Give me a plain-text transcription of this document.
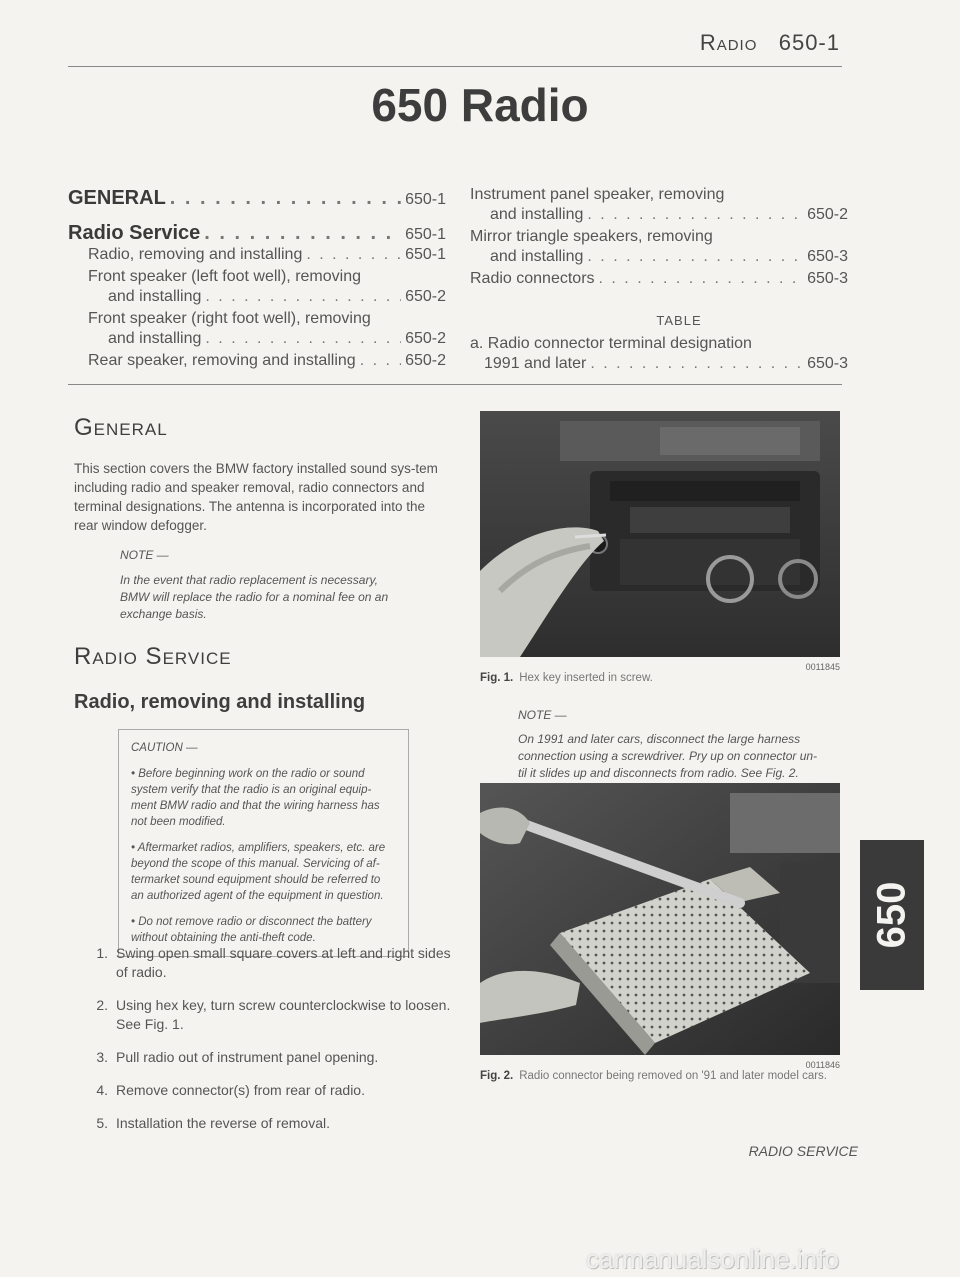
Radio 650-1
650 Radio
GENERAL . . .	650-1
Radio Service . . .	650-1
Radio, removing and installing . . .	650-1
Front speaker (left foot well), removing
and installing . . .	650-2
Front speaker (right foot well), removing
and installing . . .	650-2
Rear speaker, removing and installing . . .	650-2
Instrument panel speaker, removing
and installing . . .	650-2
Mirror triangle speakers, removing
and installing . . .	650-3
Radio connectors . . .	650-3
TABLE
a. Radio connector terminal designation
1991 and later . . .	650-3
General
This section covers the BMW factory installed sound sys-tem including radio and speaker removal, radio connectors and terminal designations. The antenna is incorporated into the rear window defogger.
NOTE —
In the event that radio replacement is necessary, BMW will replace the radio for a nominal fee on an exchange basis.
Radio Service
Radio, removing and installing

CAUTION —

• Before beginning work on the radio or sound system verify that the radio is an original equip-ment BMW radio and that the wiring harness has not been modified.

• Aftermarket radios, amplifiers, speakers, etc. are beyond the scope of this manual. Servicing of af-termarket sound equipment should be referred to an authorized agent of the equipment in question.

• Do not remove radio or disconnect the battery without obtaining the anti-theft code.

1. Swing open small square covers at left and right sides of radio.
2. Using hex key, turn screw counterclockwise to loosen. See Fig. 1.
3. Pull radio out of instrument panel opening.
4. Remove connector(s) from rear of radio.
5. Installation the reverse of removal.
0011845
Fig. 1. Hex key inserted in screw.
NOTE —
On 1991 and later cars, disconnect the large harness connection using a screwdriver. Pry up on connector un-til it slides up and disconnects from radio. See Fig. 2.
0011846
Fig. 2. Radio connector being removed on '91 and later model cars.
650
RADIO SERVICE
carmanualsonline.info
